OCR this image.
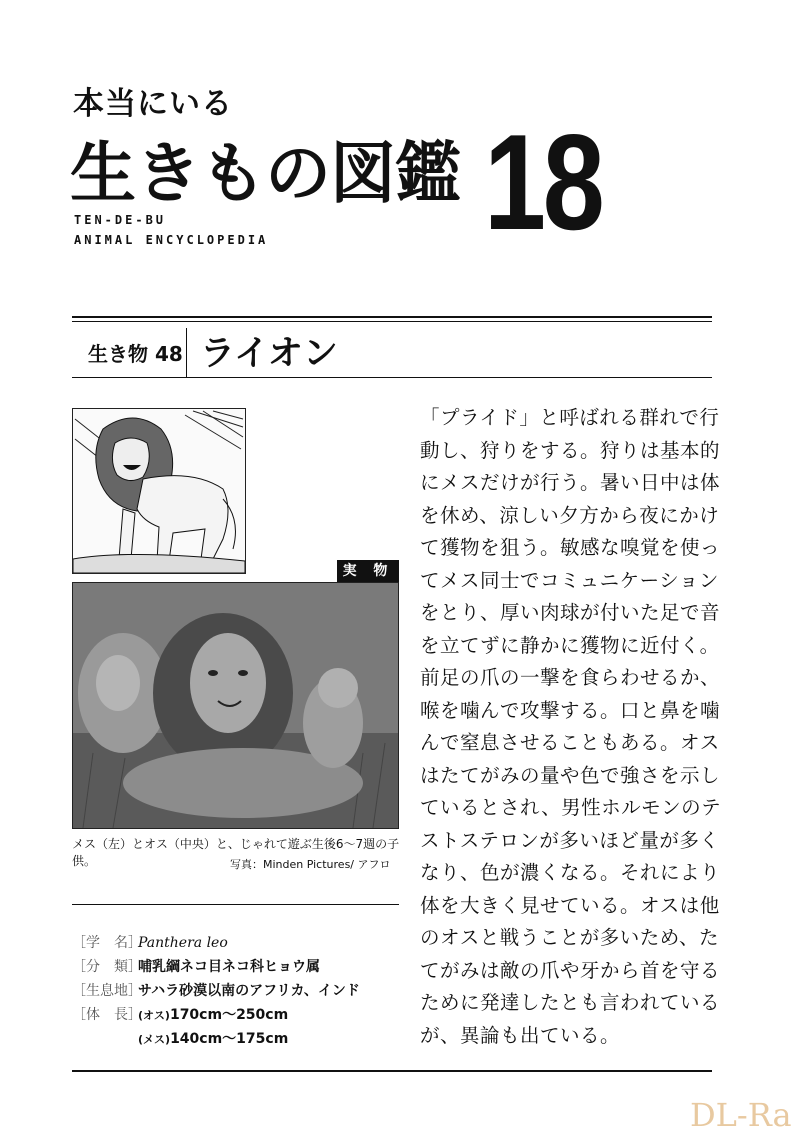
本当にいる
生きもの図鑑 18
TEN-DE-BU
ANIMAL ENCYCLOPEDIA
生き物 48 ライオン
実 物
メス（左）とオス（中央）と、じゃれて遊ぶ生後6〜7週の子供。	写真：Minden Pictures/ アフロ
［学　名］Panthera leo
［分　類］哺乳綱ネコ目ネコ科ヒョウ属
［生息地］サハラ砂漠以南のアフリカ、インド
［体　長］(オス)170cm〜250cm
(メス)140cm〜175cm
「プライド」と呼ばれる群れで行
動し、狩りをする。狩りは基本的
にメスだけが行う。暑い日中は体
を休め、涼しい夕方から夜にかけ
て獲物を狙う。敏感な嗅覚を使っ
てメス同士でコミュニケーション
をとり、厚い肉球が付いた足で音
を立てずに静かに獲物に近付く。
前足の爪の一撃を食らわせるか、
喉を噛んで攻撃する。口と鼻を噛
んで窒息させることもある。オス
はたてがみの量や色で強さを示し
ているとされ、男性ホルモンのテ
ストステロンが多いほど量が多く
なり、色が濃くなる。それにより
体を大きく見せている。オスは他
のオスと戦うことが多いため、た
てがみは敵の爪や牙から首を守る
ために発達したとも言われている
が、異論も出ている。
DL-Ra
